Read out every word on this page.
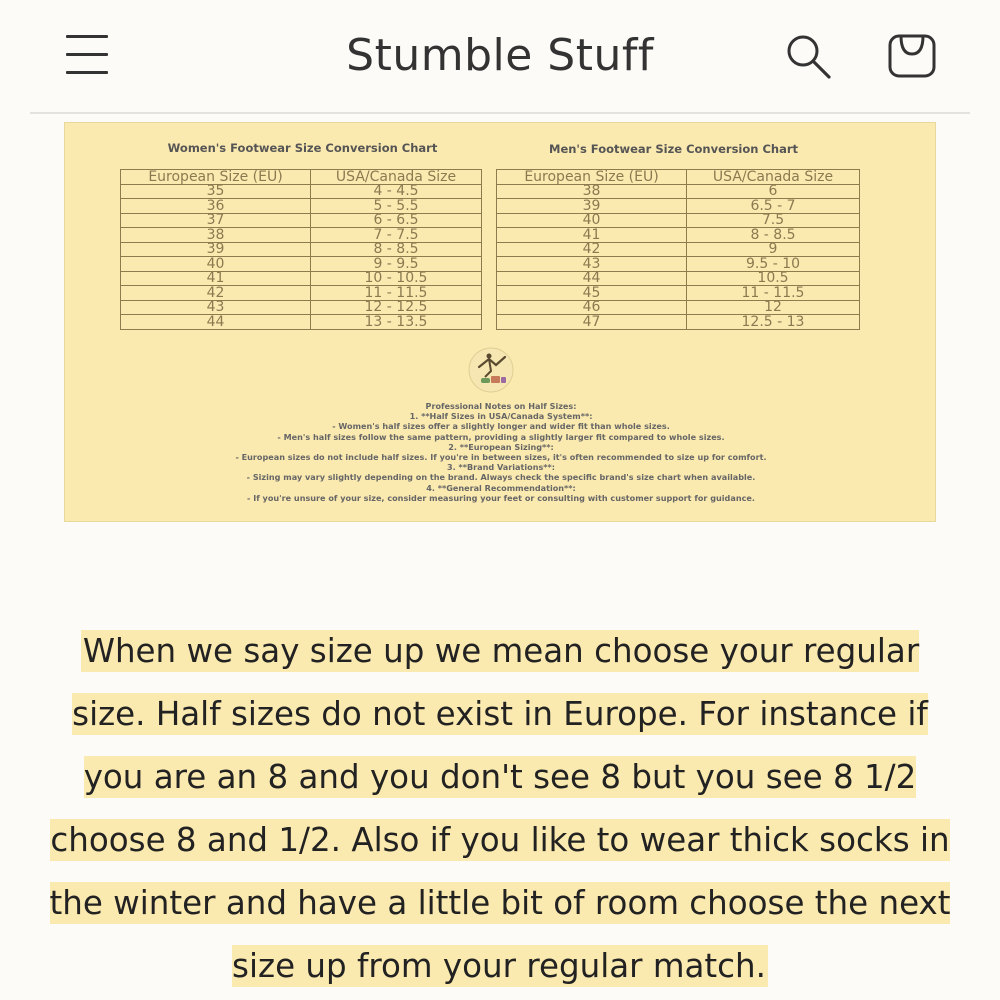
Stumble Stuff
Women's Footwear Size Conversion Chart	Men's Footwear Size Conversion Chart
European Size (EU)	USA/Canada Size
35	4 - 4.5
36	5 - 5.5
37	6 - 6.5
38	7 - 7.5
39	8 - 8.5
40	9 - 9.5
41	10 - 10.5
42	11 - 11.5
43	12 - 12.5
44	13 - 13.5
European Size (EU)	USA/Canada Size
38	6
39	6.5 - 7
40	7.5
41	8 - 8.5
42	9
43	9.5 - 10
44	10.5
45	11 - 11.5
46	12
47	12.5 - 13
Professional Notes on Half Sizes:
1. **Half Sizes in USA/Canada System**:
- Women's half sizes offer a slightly longer and wider fit than whole sizes.
- Men's half sizes follow the same pattern, providing a slightly larger fit compared to whole sizes.
2. **European Sizing**:
- European sizes do not include half sizes. If you're in between sizes, it's often recommended to size up for comfort.
3. **Brand Variations**:
- Sizing may vary slightly depending on the brand. Always check the specific brand's size chart when available.
4. **General Recommendation**:
- If you're unsure of your size, consider measuring your feet or consulting with customer support for guidance.
When we say size up we mean choose your regular size. Half sizes do not exist in Europe. For instance if you are an 8 and you don't see 8 but you see 8 1/2 choose 8 and 1/2. Also if you like to wear thick socks in the winter and have a little bit of room choose the next size up from your regular match.
